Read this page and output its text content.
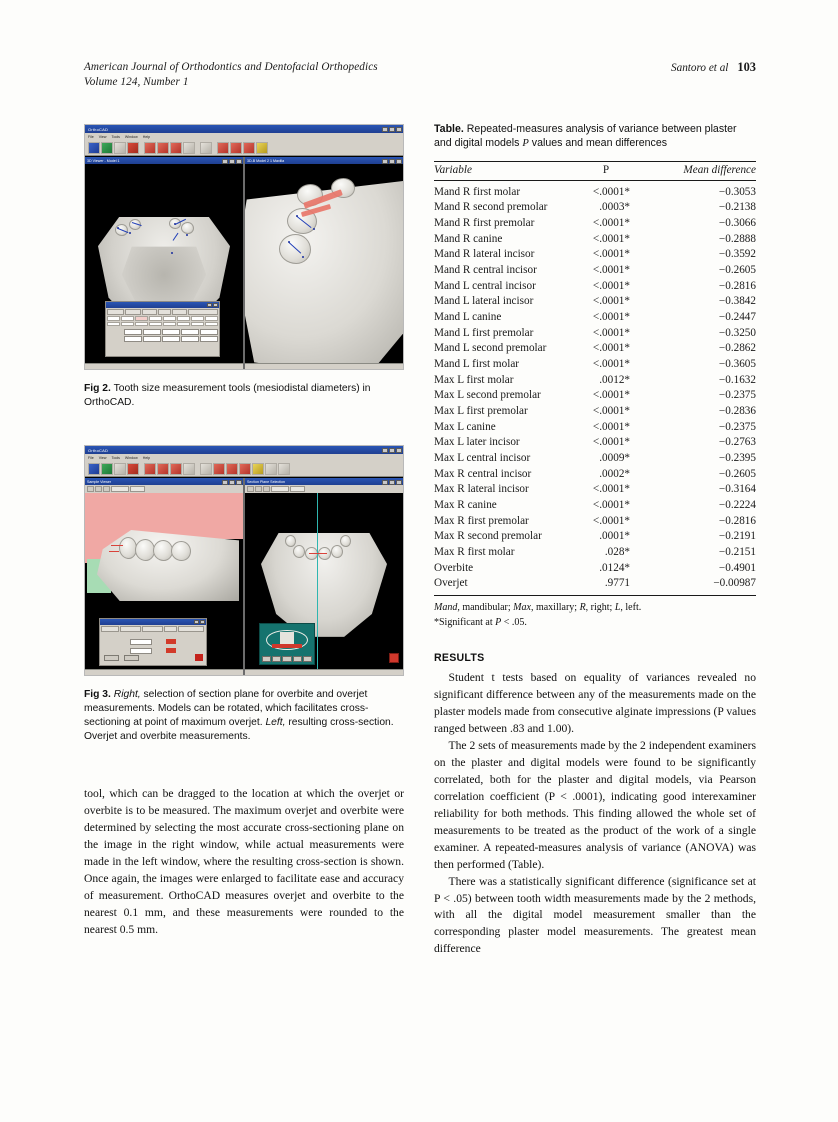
American Journal of Orthodontics and Dentofacial Orthopedics
Volume 124, Number 1
Santoro et al 103
OrthoCAD
File View Tools Window Help
3D Viewer - Model 1	3D-B Model 2 1 Maxilla
Fig 2. Tooth size measurement tools (mesiodistal diameters) in OrthoCAD.
OrthoCAD
File View Tools Window Help
Sample Viewer	Section Plane Selection
Fig 3. Right, selection of section plane for overbite and overjet measurements. Models can be rotated, which facilitates cross-sectioning at point of maximum overjet. Left, resulting cross-section. Overjet and overbite measurements.

tool, which can be dragged to the location at which the overjet or overbite is to be measured. The maximum overjet and overbite were determined by selecting the most accurate cross-sectioning plane on the image in the right window, while actual measurements were made in the left window, where the resulting cross-section is shown. Once again, the images were enlarged to facilitate ease and accuracy of measurement. OrthoCAD measures overjet and overbite to the nearest 0.1 mm, and these measurements were rounded to the nearest 0.5 mm.

Table. Repeated-measures analysis of variance between plaster and digital models P values and mean differences
Variable	P	Mean difference
Mand R first molar	<.0001*	−0.3053
Mand R second premolar	.0003*	−0.2138
Mand R first premolar	<.0001*	−0.3066
Mand R canine	<.0001*	−0.2888
Mand R lateral incisor	<.0001*	−0.3592
Mand R central incisor	<.0001*	−0.2605
Mand L central incisor	<.0001*	−0.2816
Mand L lateral incisor	<.0001*	−0.3842
Mand L canine	<.0001*	−0.2447
Mand L first premolar	<.0001*	−0.3250
Mand L second premolar	<.0001*	−0.2862
Mand L first molar	<.0001*	−0.3605
Max L first molar	.0012*	−0.1632
Max L second premolar	<.0001*	−0.2375
Max L first premolar	<.0001*	−0.2836
Max L canine	<.0001*	−0.2375
Max L later incisor	<.0001*	−0.2763
Max L central incisor	.0009*	−0.2395
Max R central incisor	.0002*	−0.2605
Max R lateral incisor	<.0001*	−0.3164
Max R canine	<.0001*	−0.2224
Max R first premolar	<.0001*	−0.2816
Max R second premolar	.0001*	−0.2191
Max R first molar	.028*	−0.2151
Overbite	.0124*	−0.4901
Overjet	.9771	−0.00987
Mand, mandibular; Max, maxillary; R, right; L, left.
*Significant at P < .05.
RESULTS

Student t tests based on equality of variances revealed no significant difference between any of the measurements made on the plaster models made from consecutive alginate impressions (P values ranged between .83 and 1.00).

The 2 sets of measurements made by the 2 independent examiners on the plaster and digital models were found to be significantly correlated, both for the plaster and digital models, via Pearson correlation coefficient (P < .0001), indicating good interexaminer reliability for both methods. This finding allowed the whole set of measurements to be treated as the product of the work of a single examiner. A repeated-measures analysis of variance (ANOVA) was then performed (Table).

There was a statistically significant difference (significance set at P < .05) between tooth width measurements made by the 2 methods, with all the digital model measurement smaller than the corresponding plaster model measurements. The greatest mean difference
